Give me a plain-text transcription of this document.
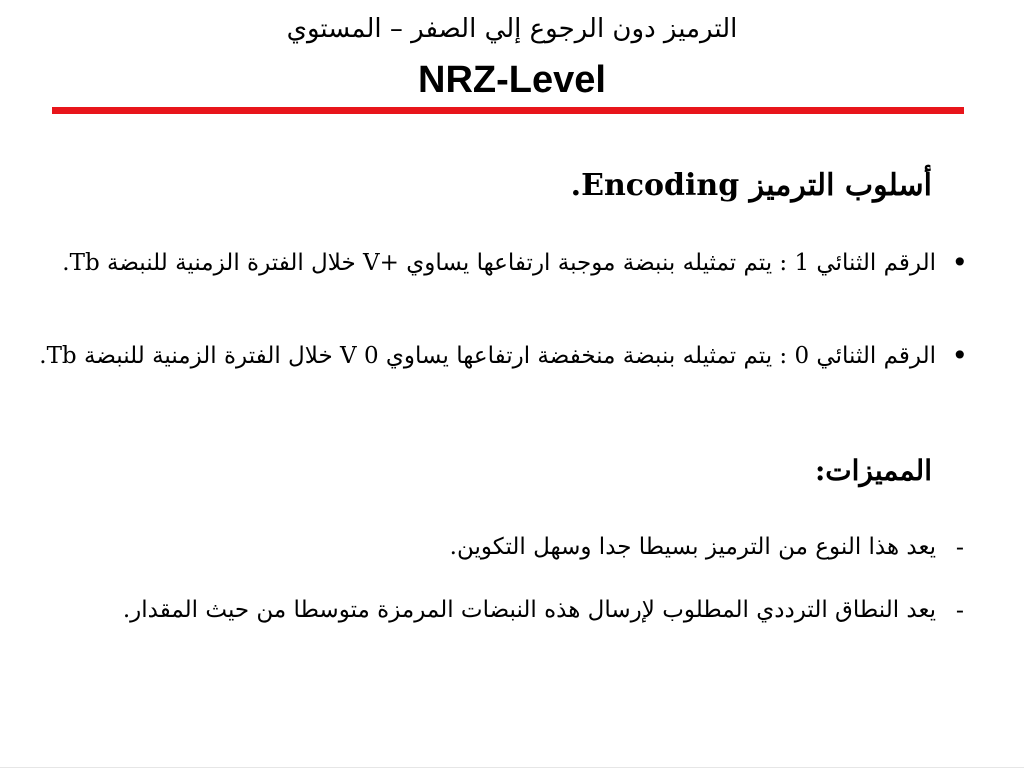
الترميز دون الرجوع إلي الصفر – المستوي
NRZ-Level
أسلوب الترميز Encoding.
•
الرقم الثنائي 1 : يتم تمثيله بنبضة موجبة ارتفاعها يساوي +V خلال الفترة الزمنية للنبضة Tb.
•
الرقم الثنائي 0 : يتم تمثيله بنبضة منخفضة ارتفاعها يساوي 0 V خلال الفترة الزمنية للنبضة Tb.
المميزات:
-
يعد هذا النوع من الترميز بسيطا جدا وسهل التكوين.
-
يعد النطاق الترددي المطلوب لإرسال هذه النبضات المرمزة متوسطا من حيث المقدار.
